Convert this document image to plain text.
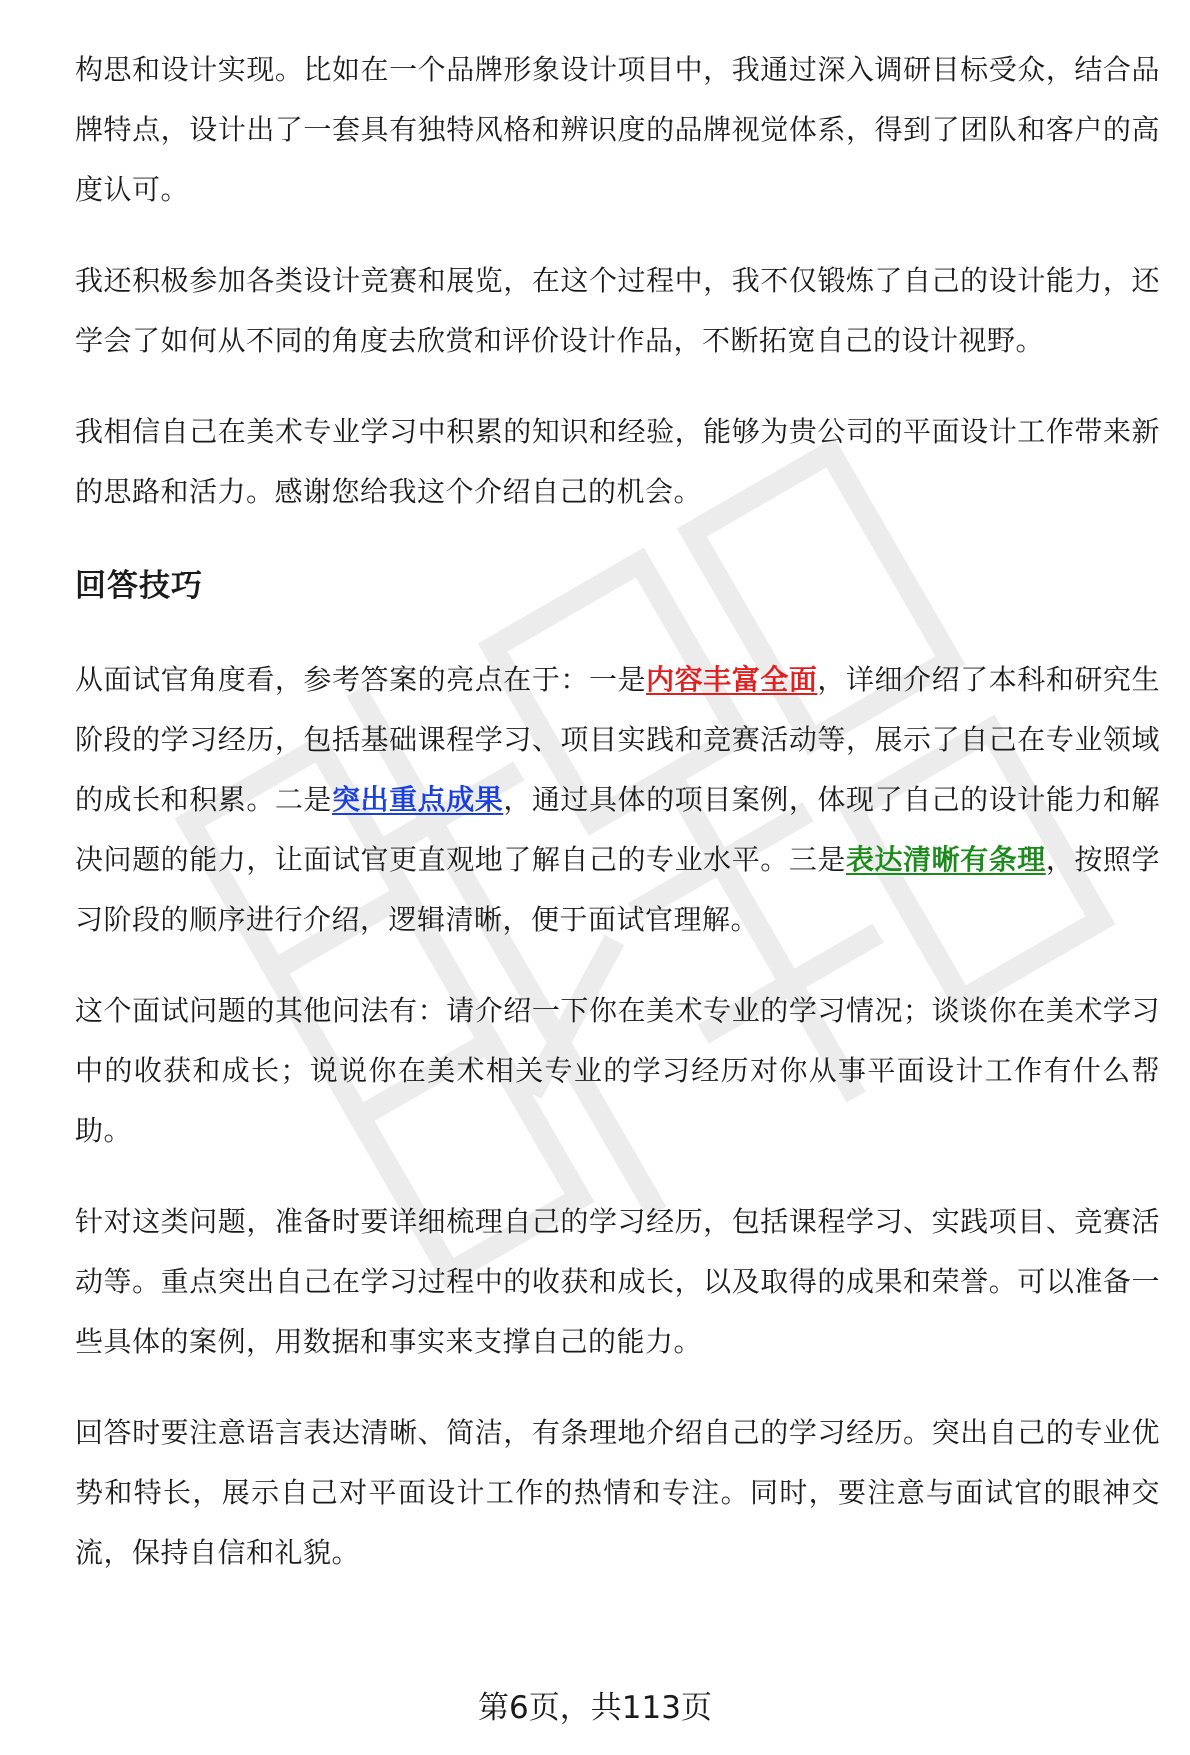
构思和设计实现。比如在一个品牌形象设计项目中，我通过深入调研目标受众，结合品牌特点，设计出了一套具有独特风格和辨识度的品牌视觉体系，得到了团队和客户的高度认可。

我还积极参加各类设计竞赛和展览，在这个过程中，我不仅锻炼了自己的设计能力，还学会了如何从不同的角度去欣赏和评价设计作品，不断拓宽自己的设计视野。

我相信自己在美术专业学习中积累的知识和经验，能够为贵公司的平面设计工作带来新的思路和活力。感谢您给我这个介绍自己的机会。

回答技巧

从面试官角度看，参考答案的亮点在于：一是内容丰富全面，详细介绍了本科和研究生阶段的学习经历，包括基础课程学习、项目实践和竞赛活动等，展示了自己在专业领域的成长和积累。二是突出重点成果，通过具体的项目案例，体现了自己的设计能力和解决问题的能力，让面试官更直观地了解自己的专业水平。三是表达清晰有条理，按照学习阶段的顺序进行介绍，逻辑清晰，便于面试官理解。

这个面试问题的其他问法有：请介绍一下你在美术专业的学习情况；谈谈你在美术学习中的收获和成长；说说你在美术相关专业的学习经历对你从事平面设计工作有什么帮助。

针对这类问题，准备时要详细梳理自己的学习经历，包括课程学习、实践项目、竞赛活动等。重点突出自己在学习过程中的收获和成长，以及取得的成果和荣誉。可以准备一些具体的案例，用数据和事实来支撑自己的能力。

回答时要注意语言表达清晰、简洁，有条理地介绍自己的学习经历。突出自己的专业优势和特长，展示自己对平面设计工作的热情和专注。同时，要注意与面试官的眼神交流，保持自信和礼貌。

第6页，共113页
